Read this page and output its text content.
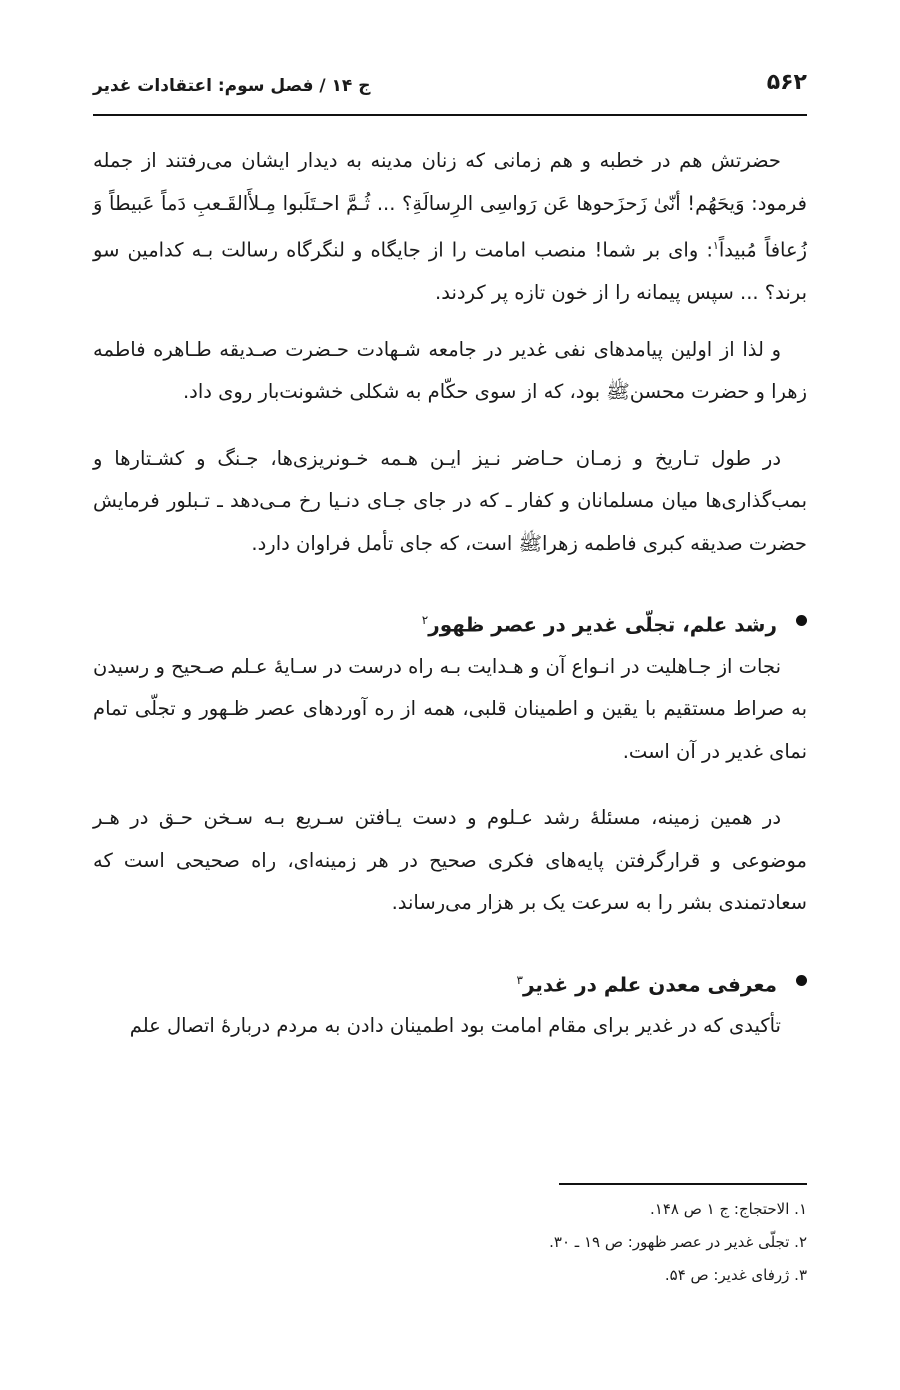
۵۶۲
ج ۱۴ / فصل سوم: اعتقادات غدیر

حضرتش هم در خطبه و هم زمانی که زنان مدینه به دیدار ایشان می‌رفتند از جمله فرمود: وَیحَهُم! أنّیٰ زَحزَحوها عَن رَواسِی الرِسالَةِ؟ ... ثُـمَّ احـتَلَبوا مِـلأَالقَـعبِ دَماً عَبیطاً وَ زُعافاً مُبیداً$^۱$: وای بر شما! منصب امامت را از جایگاه و لنگرگاه رسالت بـه کدامین سو برند؟ ... سپس پیمانه را از خون تازه پر کردند.

و لذا از اولین پیامدهای نفی غدیر در جامعه شـهادت حـضرت صـدیقه طـاهره فاطمه زهرا و حضرت محسن‌ﷺ بود، که از سوی حکّام به شکلی خشونت‌بار روی داد.

در طول تـاریخ و زمـان حـاضر نـیز ایـن هـمه خـونریزی‌ها، جـنگ و کشـتارها و بمب‌گذاری‌ها میان مسلمانان و کفار ـ که در جای جـای دنـیا رخ مـی‌دهد ـ تـبلور فرمایش حضرت صدیقه کبری فاطمه زهراﷺ است، که جای تأمل فراوان دارد.

رشد علم، تجلّی غدیر در عصر ظهور$^۲$

نجات از جـاهلیت در انـواع آن و هـدایت بـه راه درست در سـایهٔ عـلم صـحیح و رسیدن به صراط مستقیم با یقین و اطمینان قلبی، همه از ره آوردهای عصر ظـهور و تجلّی تمام نمای غدیر در آن است.

در همین زمینه، مسئلهٔ رشد عـلوم و دست یـافتن سـریع بـه سـخن حـق در هـر موضوعی و قرارگرفتن پایه‌های فکری صحیح در هر زمینه‌ای، راه صحیحی است که سعادتمندی بشر را به سرعت یک بر هزار می‌رساند.

معرفی معدن علم در غدیر$^۳$

تأکیدی که در غدیر برای مقام امامت بود اطمینان دادن به مردم دربارهٔ اتصال علم

۱. الاحتجاج: ج ۱ ص ۱۴۸.

۲. تجلّی غدیر در عصر ظهور: ص ۱۹ ـ ۳۰.

۳. ژرفای غدیر: ص ۵۴.
